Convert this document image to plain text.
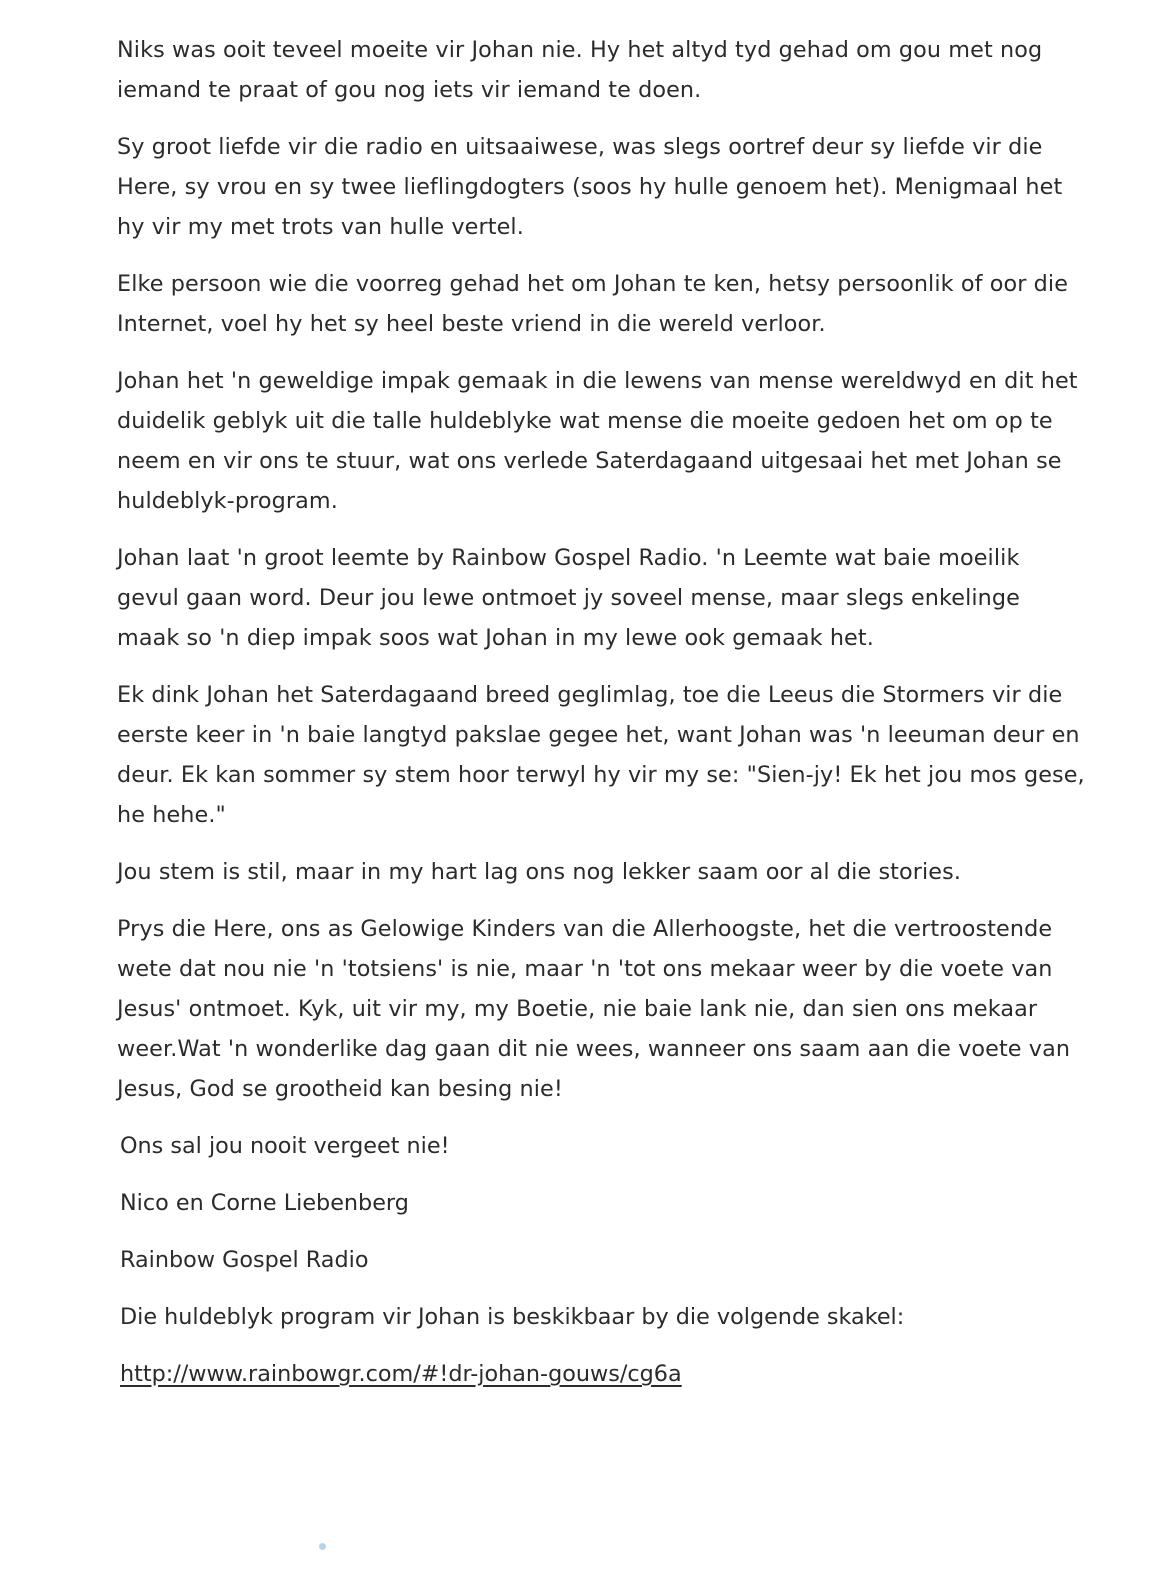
Niks was ooit teveel moeite vir Johan nie. Hy het altyd tyd gehad om gou met nog
iemand te praat of gou nog iets vir iemand te doen.

Sy groot liefde vir die radio en uitsaaiwese, was slegs oortref deur sy liefde vir die
Here, sy vrou en sy twee lieflingdogters (soos hy hulle genoem het). Menigmaal het
hy vir my met trots van hulle vertel.

Elke persoon wie die voorreg gehad het om Johan te ken, hetsy persoonlik of oor die
Internet, voel hy het sy heel beste vriend in die wereld verloor.

Johan het 'n geweldige impak gemaak in die lewens van mense wereldwyd en dit het
duidelik geblyk uit die talle huldeblyke wat mense die moeite gedoen het om op te
neem en vir ons te stuur, wat ons verlede Saterdagaand uitgesaai het met Johan se
huldeblyk-program.

Johan laat 'n groot leemte by Rainbow Gospel Radio. 'n Leemte wat baie moeilik
gevul gaan word. Deur jou lewe ontmoet jy soveel mense, maar slegs enkelinge
maak so 'n diep impak soos wat Johan in my lewe ook gemaak het.

Ek dink Johan het Saterdagaand breed geglimlag, toe die Leeus die Stormers vir die
eerste keer in 'n baie langtyd pakslae gegee het, want Johan was 'n leeuman deur en
deur. Ek kan sommer sy stem hoor terwyl hy vir my se: "Sien-jy! Ek het jou mos gese,
he hehe."

Jou stem is stil, maar in my hart lag ons nog lekker saam oor al die stories.

Prys die Here, ons as Gelowige Kinders van die Allerhoogste, het die vertroostende
wete dat nou nie 'n 'totsiens' is nie, maar 'n 'tot ons mekaar weer by die voete van
Jesus' ontmoet. Kyk, uit vir my, my Boetie, nie baie lank nie, dan sien ons mekaar
weer.Wat 'n wonderlike dag gaan dit nie wees, wanneer ons saam aan die voete van
Jesus, God se grootheid kan besing nie!

Ons sal jou nooit vergeet nie!

Nico en Corne Liebenberg

Rainbow Gospel Radio

Die huldeblyk program vir Johan is beskikbaar by die volgende skakel:

http://www.rainbowgr.com/#!dr-johan-gouws/cg6a
